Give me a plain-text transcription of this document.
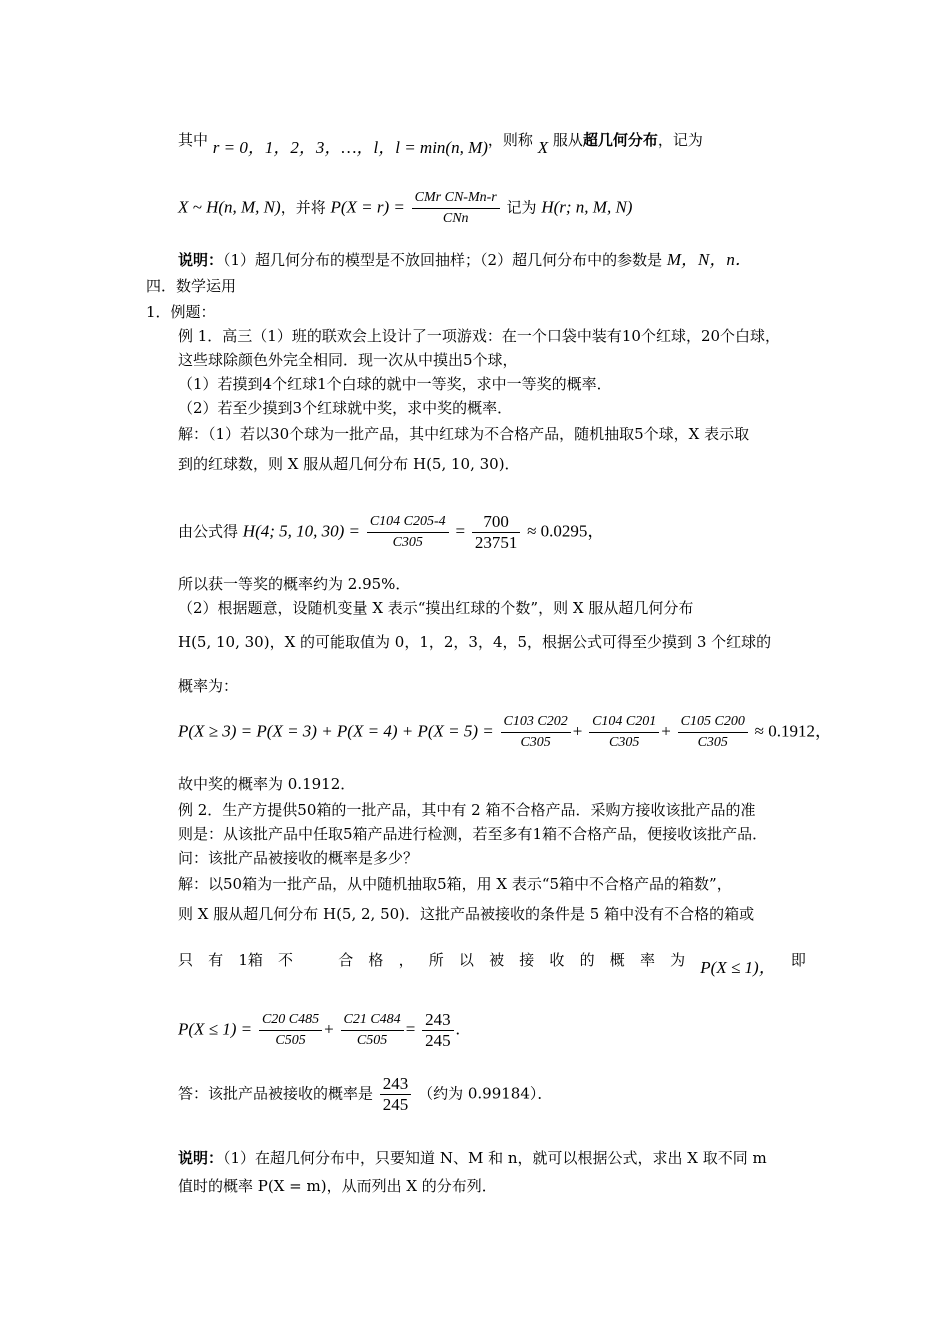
其中 r = 0，1，2，3，…，l，l = min(n, M)，则称 X 服从超几何分布，记为
X ~ H(n, M, N)，并将 $P(X = r) = \frac{\text{CMr CN-Mn-r}}{\text{CNn}}$ 记为 H(r; n, M, N)
说明：（1）超几何分布的模型是不放回抽样；（2）超几何分布中的参数是 M，N，n．
四．数学运用
1．例题：
例 1．高三（1）班的联欢会上设计了一项游戏：在一个口袋中装有10个红球，20个白球，
这些球除颜色外完全相同．现一次从中摸出5个球，
（1）若摸到4个红球1个白球的就中一等奖，求中一等奖的概率．
（2）若至少摸到3个红球就中奖，求中奖的概率．
解：（1）若以30个球为一批产品，其中红球为不合格产品，随机抽取5个球，X 表示取
到的红球数，则 X 服从超几何分布 H(5, 10, 30)．
由公式得 H(4; 5, 10, $30) = \frac{C104 C205-4}{C305} = \frac{700}{23751} \approx 0.0295$，
所以获一等奖的概率约为 2.95%．
（2）根据题意，设随机变量 X 表示“摸出红球的个数”，则 X 服从超几何分布
H(5, 10, 30)，X 的可能取值为 0，1，2，3，4，5，根据公式可得至少摸到 3 个红球的
概率为：
$P(X \ge 3) = P(X = 3) + P(X = 4) + P(X = 5) = \frac{C103 C202}{C305} + \frac{C104 C201}{C305} + \frac{C105 C200}{C305} \approx 0.1912$，
故中奖的概率为 0.1912．
例 2．生产方提供50箱的一批产品，其中有 2 箱不合格产品．采购方接收该批产品的准
则是：从该批产品中任取5箱产品进行检测，若至多有1箱不合格产品，便接收该批产品．
问：该批产品被接收的概率是多少？
解：以50箱为一批产品，从中随机抽取5箱，用 X 表示“5箱中不合格产品的箱数”，
则 X 服从超几何分布 H(5, 2, 50)．这批产品被接收的条件是 5 箱中没有不合格的箱或
只 有 1箱 不	合 格 ， 所 以 被 接 收 的 概 率 为 P(X ≤ 1)， 即
$P(X \le 1) = \frac{C20 C485}{C505} + \frac{C21 C484}{C505} = \frac{243}{245}$ .
答：该批产品被接收的概率是 $\frac{243}{245}$ （约为 0.99184）．
说明：（1）在超几何分布中，只要知道 N、M 和 n，就可以根据公式，求出 X 取不同 m
值时的概率 P(X = m)，从而列出 X 的分布列．
